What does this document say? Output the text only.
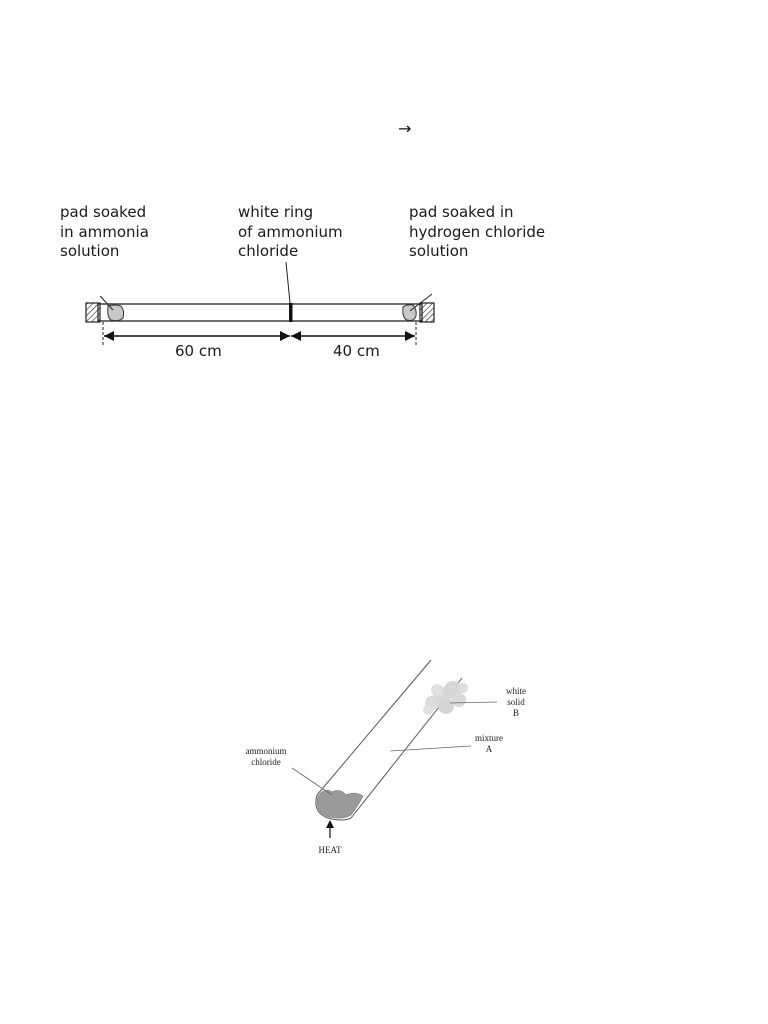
→
pad soaked
in ammonia
solution
white ring
of ammonium
chloride
pad soaked in
hydrogen chloride
solution
60 cm	40 cm
ammonium
chloride
white
solid
B
mixture
A
HEAT
